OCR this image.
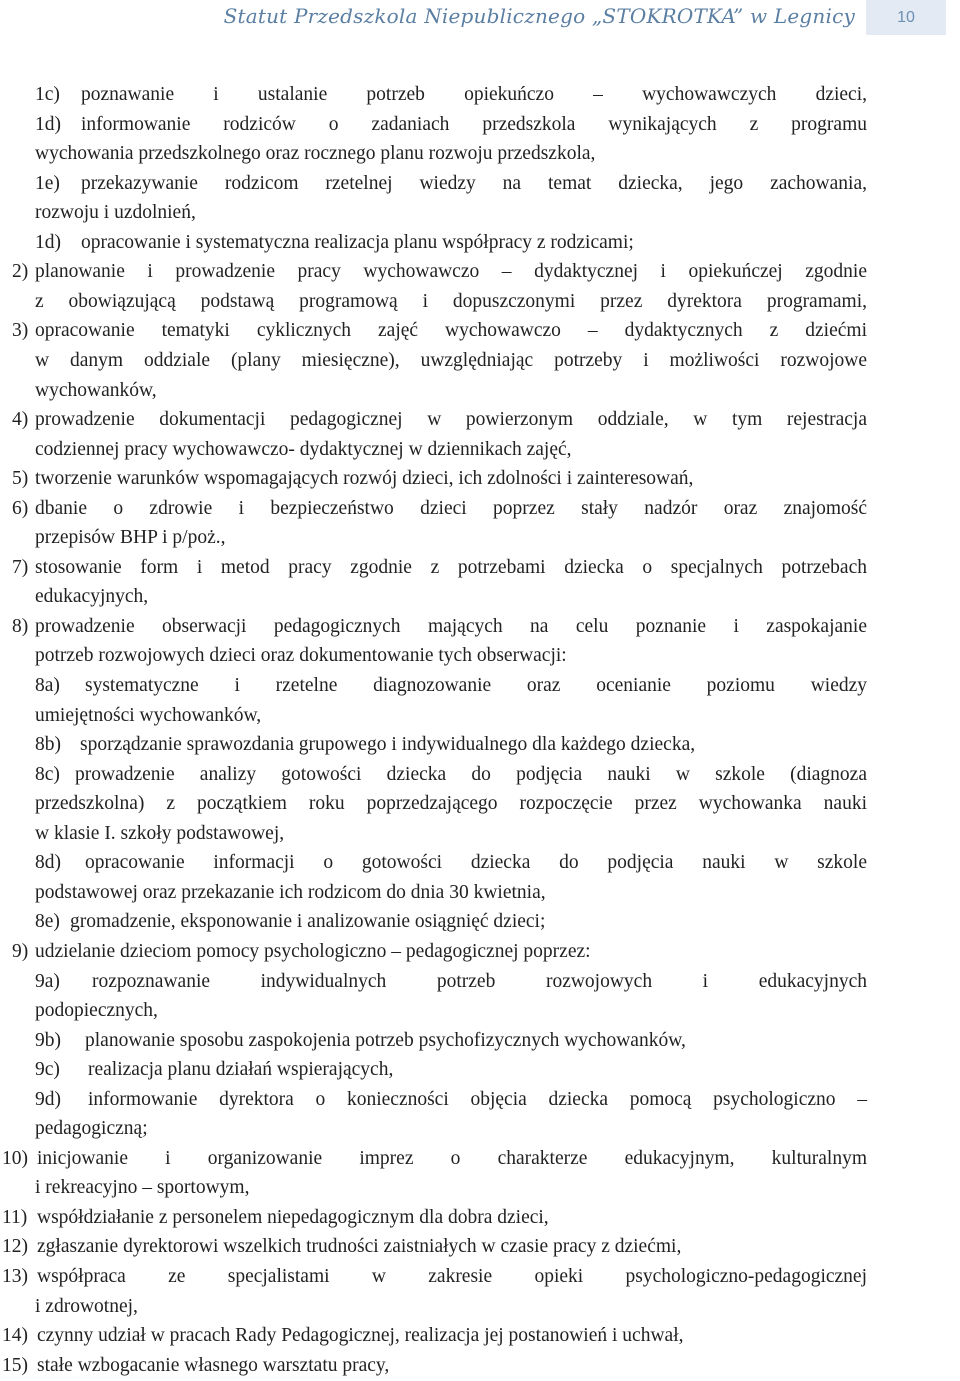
Statut Przedszkola Niepublicznego „STOKROTKA” w Legnicy	10
1c) poznawanie i ustalanie potrzeb opiekuńczo – wychowawczych dzieci,
1d) informowanie rodziców o zadaniach przedszkola wynikających z programu
wychowania przedszkolnego oraz rocznego planu rozwoju przedszkola,
1e) przekazywanie rodzicom rzetelnej wiedzy na temat dziecka, jego zachowania,
rozwoju i uzdolnień,
1d) opracowanie i systematyczna realizacja planu współpracy z rodzicami;
2) planowanie i prowadzenie pracy wychowawczo – dydaktycznej i opiekuńczej zgodnie
z obowiązującą podstawą programową i dopuszczonymi przez dyrektora programami,
3) opracowanie tematyki cyklicznych zajęć wychowawczo – dydaktycznych z dziećmi
w danym oddziale (plany miesięczne), uwzględniając potrzeby i możliwości rozwojowe
wychowanków,
4) prowadzenie dokumentacji pedagogicznej w powierzonym oddziale, w tym rejestracja
codziennej pracy wychowawczo- dydaktycznej w dziennikach zajęć,
5) tworzenie warunków wspomagających rozwój dzieci, ich zdolności i zainteresowań,
6) dbanie o zdrowie i bezpieczeństwo dzieci poprzez stały nadzór oraz znajomość
przepisów BHP i p/poż.,
7) stosowanie form i metod pracy zgodnie z potrzebami dziecka o specjalnych potrzebach
edukacyjnych,
8) prowadzenie obserwacji pedagogicznych mających na celu poznanie i zaspokajanie
potrzeb rozwojowych dzieci oraz dokumentowanie tych obserwacji:
8a) systematyczne i rzetelne diagnozowanie oraz ocenianie poziomu wiedzy
umiejętności wychowanków,
8b) sporządzanie sprawozdania grupowego i indywidualnego dla każdego dziecka,
8c) prowadzenie analizy gotowości dziecka do podjęcia nauki w szkole (diagnoza
przedszkolna) z początkiem roku poprzedzającego rozpoczęcie przez wychowanka nauki
w klasie I. szkoły podstawowej,
8d) opracowanie informacji o gotowości dziecka do podjęcia nauki w szkole
podstawowej oraz przekazanie ich rodzicom do dnia 30 kwietnia,
8e) gromadzenie, eksponowanie i analizowanie osiągnięć dzieci;
9) udzielanie dzieciom pomocy psychologiczno – pedagogicznej poprzez:
9a) rozpoznawanie indywidualnych potrzeb rozwojowych i edukacyjnych
podopiecznych,
9b) planowanie sposobu zaspokojenia potrzeb psychofizycznych wychowanków,
9c) realizacja planu działań wspierających,
9d) informowanie dyrektora o konieczności objęcia dziecka pomocą psychologiczno –
pedagogiczną;
10) inicjowanie i organizowanie imprez o charakterze edukacyjnym, kulturalnym
i rekreacyjno – sportowym,
11) współdziałanie z personelem niepedagogicznym dla dobra dzieci,
12) zgłaszanie dyrektorowi wszelkich trudności zaistniałych w czasie pracy z dziećmi,
13) współpraca ze specjalistami w zakresie opieki psychologiczno-pedagogicznej
i zdrowotnej,
14) czynny udział w pracach Rady Pedagogicznej, realizacja jej postanowień i uchwał,
15) stałe wzbogacanie własnego warsztatu pracy,
